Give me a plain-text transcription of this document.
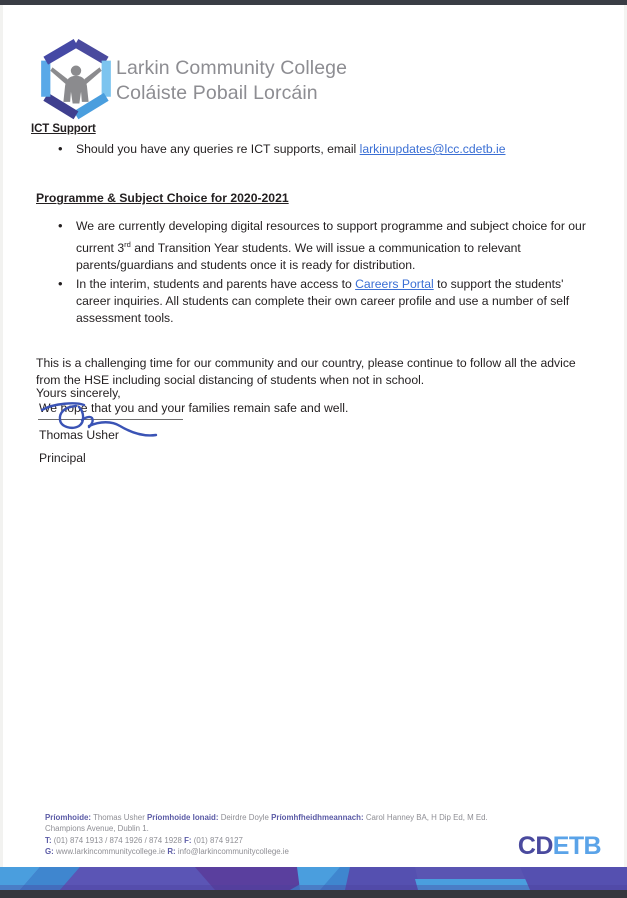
Larkin Community College
Coláiste Pobail Lorcáin
ICT Support
• Should you have any queries re ICT supports, email larkinupdates@lcc.cdetb.ie
Programme & Subject Choice for 2020-2021
• We are currently developing digital resources to support programme and subject choice for our current 3rd and Transition Year students. We will issue a communication to relevant parents/guardians and students once it is ready for distribution.
• In the interim, students and parents have access to Careers Portal to support the students' career inquiries. All students can complete their own career profile and use a number of self assessment tools.

This is a challenging time for our community and our country, please continue to follow all the advice from the HSE including social distancing of students when not in school.

We hope that you and your families remain safe and well.

Yours sincerely,
Thomas Usher
Principal
Príomhoide: Thomas Usher Príomhoide Ionaid: Deirdre Doyle Príomhfheidhmeannach: Carol Hanney BA, H Dip Ed, M Ed.
Champions Avenue, Dublin 1.
T: (01) 874 1913 / 874 1926 / 874 1928 F: (01) 874 9127
G: www.larkincommunitycollege.ie R: info@larkincommunitycollege.ie	CDETB
